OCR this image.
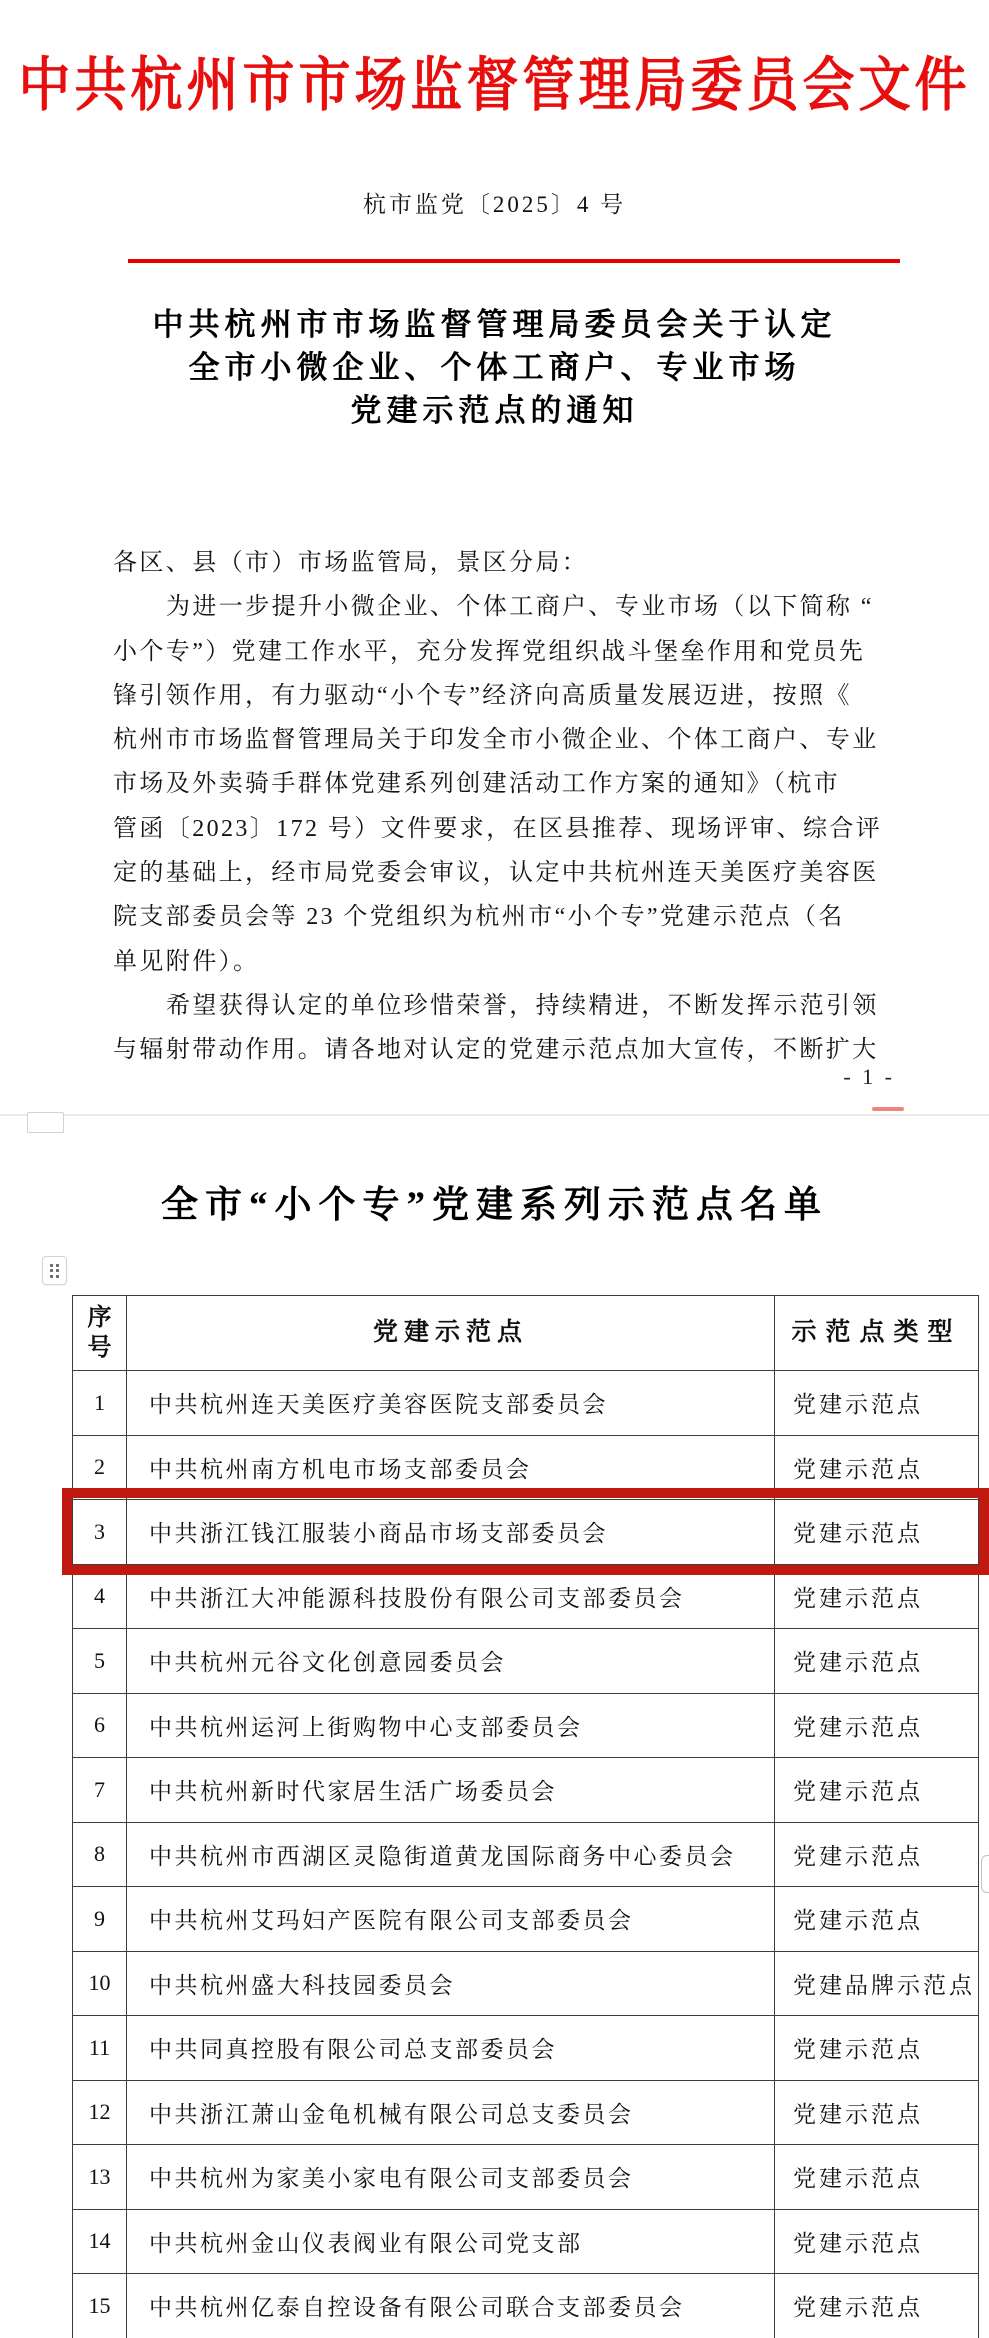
中共杭州市市场监督管理局委员会文件
杭市监党〔2025〕4 号
中共杭州市市场监督管理局委员会关于认定
全市小微企业、个体工商户、专业市场
党建示范点的通知
各区、县（市）市场监管局，景区分局：
为进一步提升小微企业、个体工商户、专业市场（以下简称 “
小个专”）党建工作水平，充分发挥党组织战斗堡垒作用和党员先
锋引领作用，有力驱动“小个专”经济向高质量发展迈进，按照《
杭州市市场监督管理局关于印发全市小微企业、个体工商户、专业
市场及外卖骑手群体党建系列创建活动工作方案的通知》（杭市
管函〔2023〕172 号）文件要求，在区县推荐、现场评审、综合评
定的基础上，经市局党委会审议，认定中共杭州连天美医疗美容医
院支部委员会等 23 个党组织为杭州市“小个专”党建示范点（名
单见附件）。
希望获得认定的单位珍惜荣誉，持续精进，不断发挥示范引领
与辐射带动作用。请各地对认定的党建示范点加大宣传，不断扩大
- 1 -
全市“小个专”党建系列示范点名单
序号	党建示范点	示范点类型
1	中共杭州连天美医疗美容医院支部委员会	党建示范点
2	中共杭州南方机电市场支部委员会	党建示范点
3	中共浙江钱江服装小商品市场支部委员会	党建示范点
4	中共浙江大冲能源科技股份有限公司支部委员会	党建示范点
5	中共杭州元谷文化创意园委员会	党建示范点
6	中共杭州运河上街购物中心支部委员会	党建示范点
7	中共杭州新时代家居生活广场委员会	党建示范点
8	中共杭州市西湖区灵隐街道黄龙国际商务中心委员会	党建示范点
9	中共杭州艾玛妇产医院有限公司支部委员会	党建示范点
10	中共杭州盛大科技园委员会	党建品牌示范点
11	中共同真控股有限公司总支部委员会	党建示范点
12	中共浙江萧山金龟机械有限公司总支委员会	党建示范点
13	中共杭州为家美小家电有限公司支部委员会	党建示范点
14	中共杭州金山仪表阀业有限公司党支部	党建示范点
15	中共杭州亿泰自控设备有限公司联合支部委员会	党建示范点
